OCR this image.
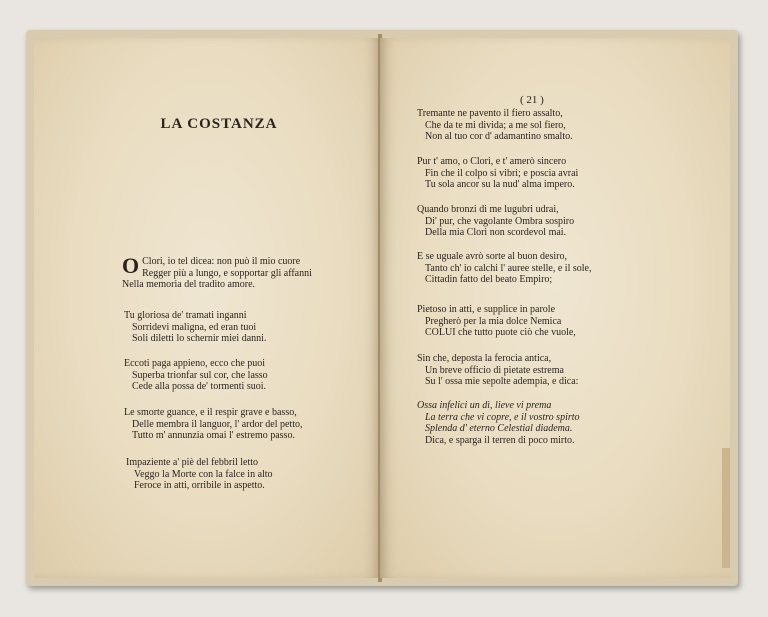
LA COSTANZA
O Clori, io tel dicea: non può il mio cuore
Regger più a lungo, e sopportar gli affanni
Nella memoria del tradito amore.
Tu gloriosa de' tramati inganni
Sorridevi maligna, ed eran tuoi
Soli diletti lo schernir miei danni.
Eccoti paga appieno, ecco che puoi
Superba trionfar sul cor, che lasso
Cede alla possa de' tormenti suoi.
Le smorte guance, e il respir grave e basso,
Delle membra il languor, l' ardor del petto,
Tutto m' annunzia omai l' estremo passo.
Impaziente a' piè del febbril letto
Veggo la Morte con la falce in alto
Feroce in atti, orribile in aspetto.
( 21 )
Tremante ne pavento il fiero assalto,
Che da te mi divida; a me sol fiero,
Non al tuo cor d' adamantino smalto.
Pur t' amo, o Clori, e t' amerò sincero
Fin che il colpo si vibri; e poscia avrai
Tu sola ancor su la nud' alma impero.
Quando bronzi di me lugubri udrai,
Di' pur, che vagolante Ombra sospiro
Della mia Clori non scordevol mai.
E se uguale avrò sorte al buon desiro,
Tanto ch' io calchi l' auree stelle, e il sole,
Cittadin fatto del beato Empiro;
Pietoso in atti, e supplice in parole
Pregherò per la mia dolce Nemica
COLUI che tutto puote ciò che vuole,
Sin che, deposta la ferocia antica,
Un breve officio di pietate estrema
Su l' ossa mie sepolte adempia, e dica:
Ossa infelici un dì, lieve vi prema
La terra che vi copre, e il vostro spirto
Splenda d' eterno Celestial diadema.
Dica, e sparga il terren di poco mirto.
